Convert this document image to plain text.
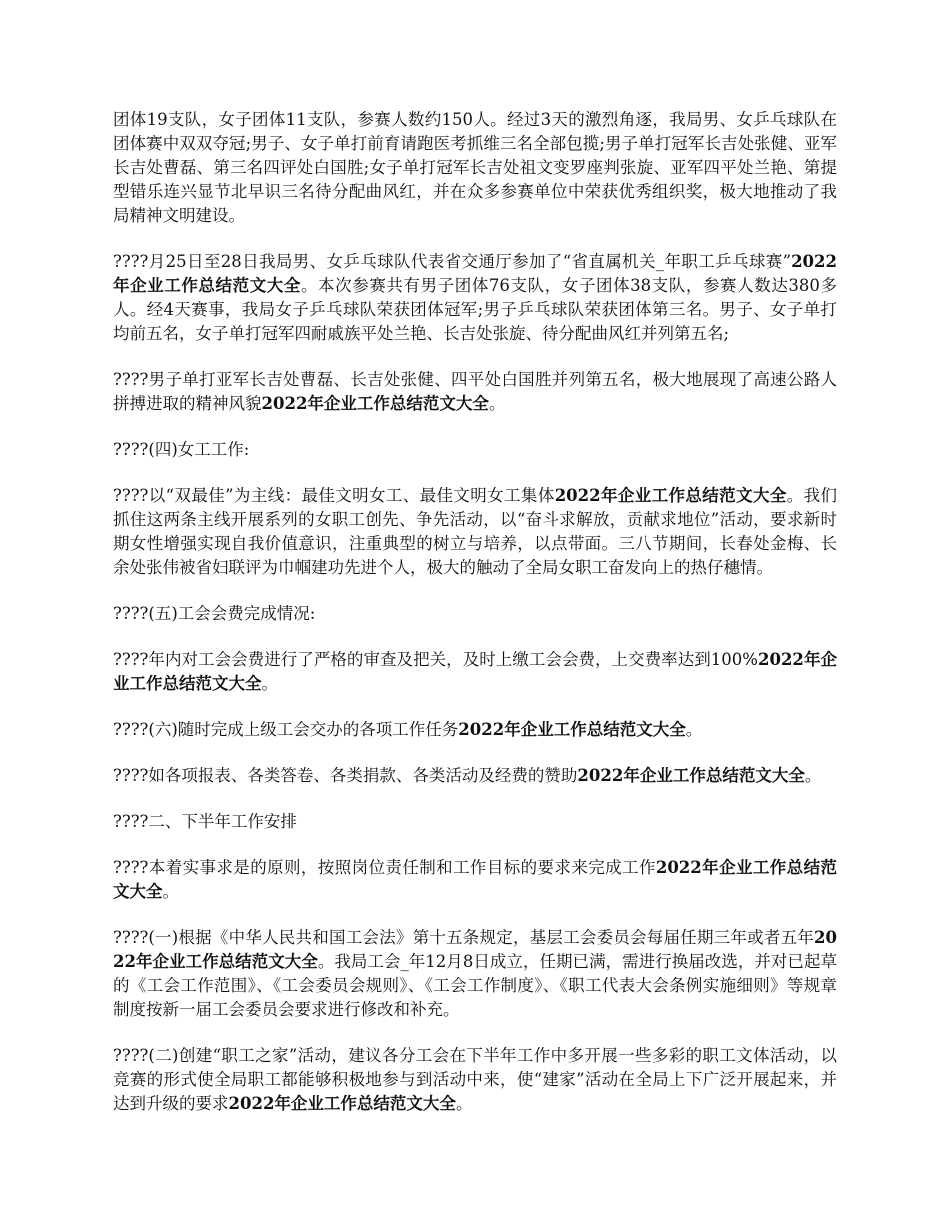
团体19支队，女子团体11支队，参赛人数约150人。经过3天的激烈角逐，我局男、女乒乓球队在团体赛中双双夺冠;男子、女子单打前育请跑医考抓维三名全部包揽;男子单打冠军长吉处张健、亚军长吉处曹磊、第三名四评处白国胜;女子单打冠军长吉处祖文变罗座判张旋、亚军四平处兰艳、第提型错乐连兴显节北早识三名待分配曲风红，并在众多参赛单位中荣获优秀组织奖，极大地推动了我局精神文明建设。

????月25日至28日我局男、女乒乓球队代表省交通厅参加了“省直属机关_年职工乒乓球赛”2022年企业工作总结范文大全。本次参赛共有男子团体76支队，女子团体38支队，参赛人数达380多人。经4天赛事，我局女子乒乓球队荣获团体冠军;男子乒乓球队荣获团体第三名。男子、女子单打均前五名，女子单打冠军四耐戚族平处兰艳、长吉处张旋、待分配曲风红并列第五名;

????男子单打亚军长吉处曹磊、长吉处张健、四平处白国胜并列第五名，极大地展现了高速公路人拼搏进取的精神风貌2022年企业工作总结范文大全。

????(四)女工工作:

????以“双最佳”为主线：最佳文明女工、最佳文明女工集体2022年企业工作总结范文大全。我们抓住这两条主线开展系列的女职工创先、争先活动，以“奋斗求解放，贡献求地位”活动，要求新时期女性增强实现自我价值意识，注重典型的树立与培养，以点带面。三八节期间，长春处金梅、长余处张伟被省妇联评为巾帼建功先进个人，极大的触动了全局女职工奋发向上的热仔穗情。

????(五)工会会费完成情况:

????年内对工会会费进行了严格的审查及把关，及时上缴工会会费，上交费率达到100%2022年企业工作总结范文大全。

????(六)随时完成上级工会交办的各项工作任务2022年企业工作总结范文大全。

????如各项报表、各类答卷、各类捐款、各类活动及经费的赞助2022年企业工作总结范文大全。

????二、下半年工作安排

????本着实事求是的原则，按照岗位责任制和工作目标的要求来完成工作2022年企业工作总结范文大全。

????(一)根据《中华人民共和国工会法》第十五条规定，基层工会委员会每届任期三年或者五年2022年企业工作总结范文大全。我局工会_年12月8日成立，任期已满，需进行换届改选，并对已起草的《工会工作范围》、《工会委员会规则》、《工会工作制度》、《职工代表大会条例实施细则》等规章制度按新一届工会委员会要求进行修改和补充。

????(二)创建“职工之家”活动，建议各分工会在下半年工作中多开展一些多彩的职工文体活动，以竞赛的形式使全局职工都能够积极地参与到活动中来，使“建家”活动在全局上下广泛开展起来，并达到升级的要求2022年企业工作总结范文大全。
